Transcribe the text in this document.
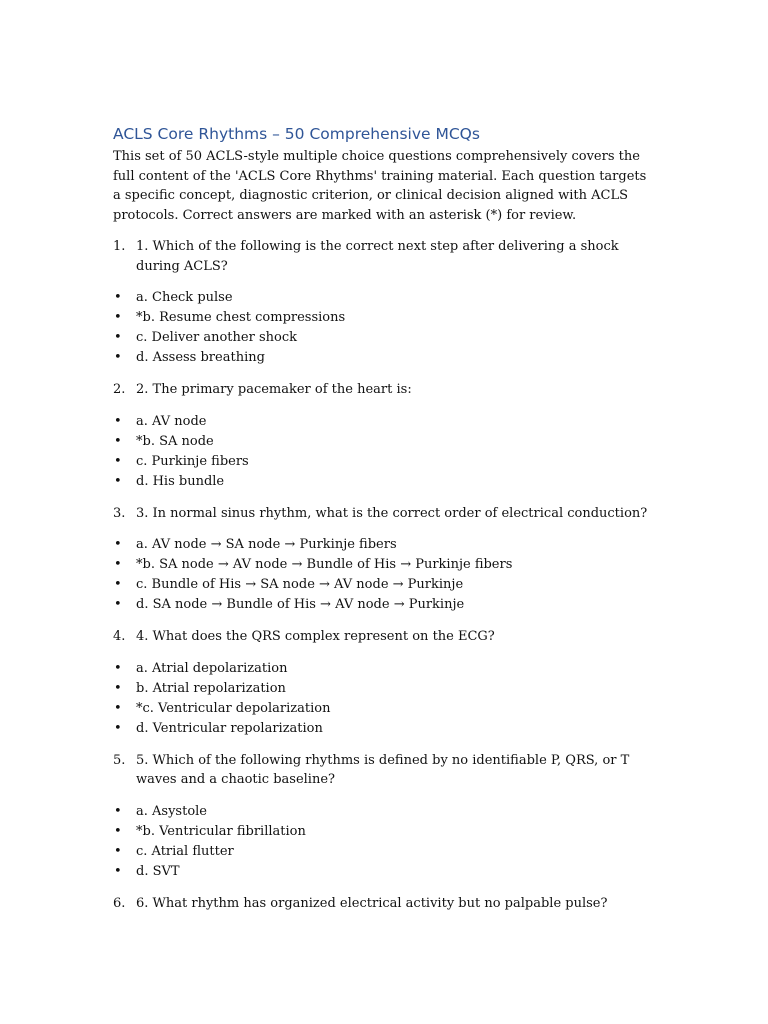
ACLS Core Rhythms – 50 Comprehensive MCQs

This set of 50 ACLS-style multiple choice questions comprehensively covers the full content of the 'ACLS Core Rhythms' training material. Each question targets a specific concept, diagnostic criterion, or clinical decision aligned with ACLS protocols. Correct answers are marked with an asterisk (*) for review.

1. 1. Which of the following is the correct next step after delivering a shock during ACLS?
• a. Check pulse
• *b. Resume chest compressions
• c. Deliver another shock
• d. Assess breathing
2. 2. The primary pacemaker of the heart is:
• a. AV node
• *b. SA node
• c. Purkinje fibers
• d. His bundle
3. 3. In normal sinus rhythm, what is the correct order of electrical conduction?
• a. AV node → SA node → Purkinje fibers
• *b. SA node → AV node → Bundle of His → Purkinje fibers
• c. Bundle of His → SA node → AV node → Purkinje
• d. SA node → Bundle of His → AV node → Purkinje
4. 4. What does the QRS complex represent on the ECG?
• a. Atrial depolarization
• b. Atrial repolarization
• *c. Ventricular depolarization
• d. Ventricular repolarization
5. 5. Which of the following rhythms is defined by no identifiable P, QRS, or T waves and a chaotic baseline?
• a. Asystole
• *b. Ventricular fibrillation
• c. Atrial flutter
• d. SVT
6. 6. What rhythm has organized electrical activity but no palpable pulse?
